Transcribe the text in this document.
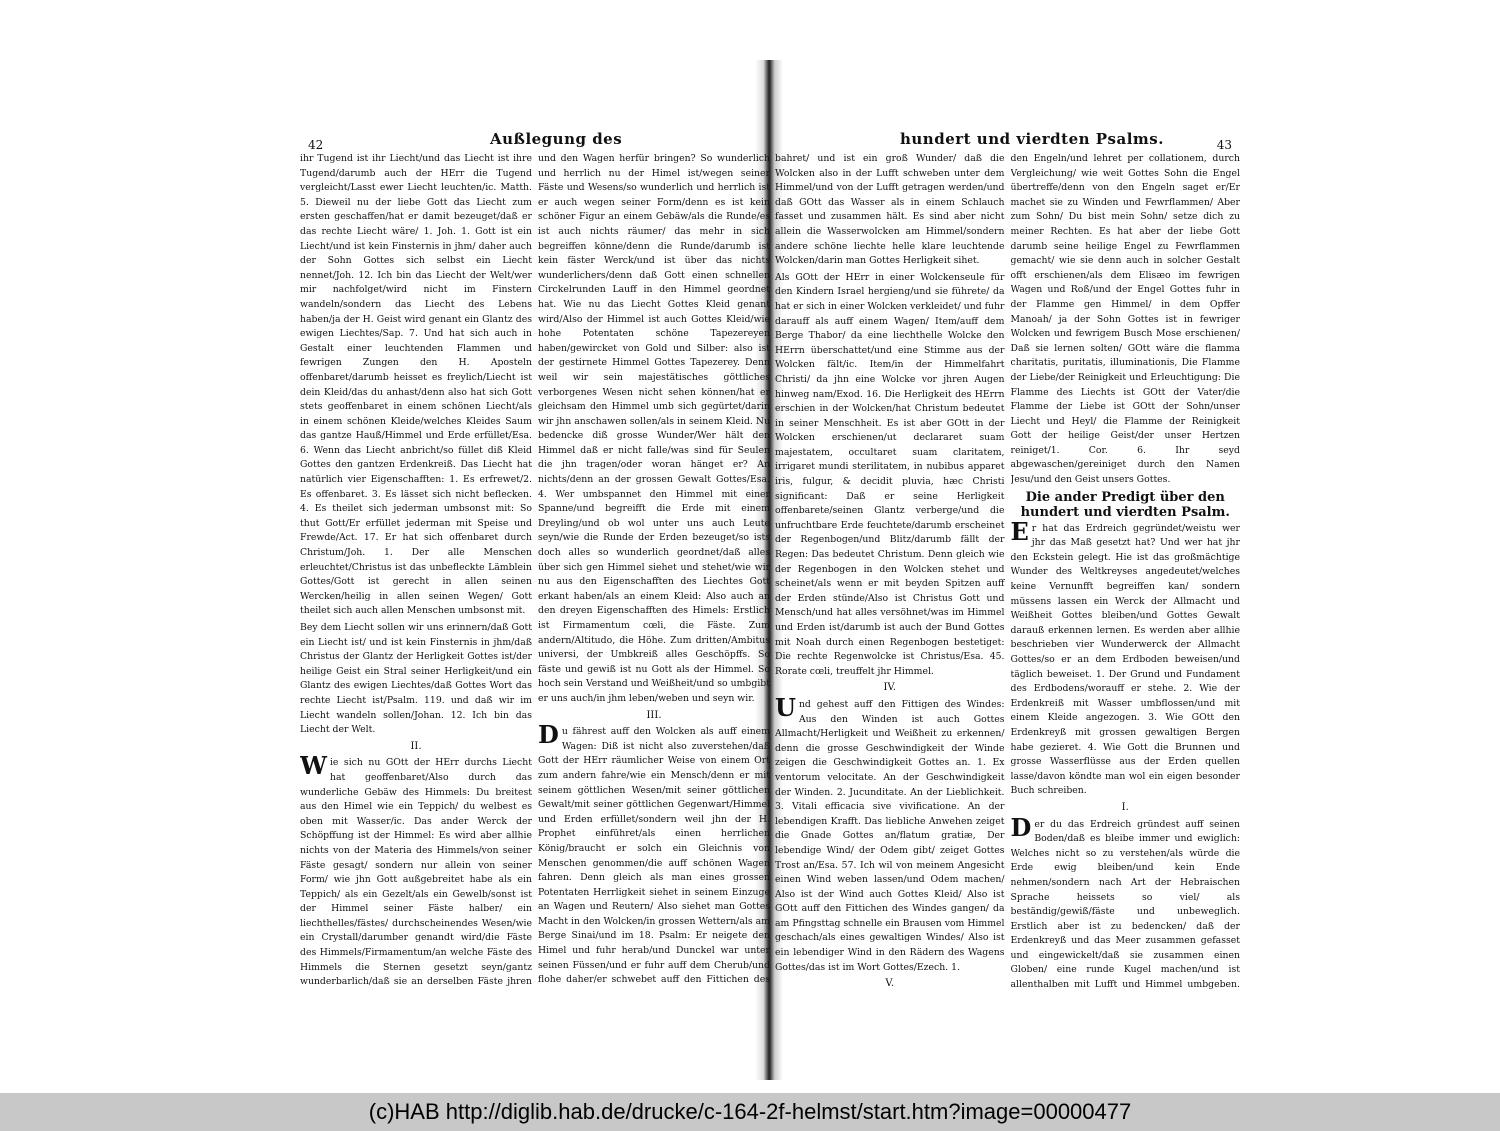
42	Außlegung des

ihr Tugend ist ihr Liecht/und das Liecht ist ihre Tugend/darumb auch der HErr die Tugend vergleicht/Lasst ewer Liecht leuchten/ic. Matth. 5. Dieweil nu der liebe Gott das Liecht zum ersten geschaffen/hat er damit bezeuget/daß er das rechte Liecht wäre/ 1. Joh. 1. Gott ist ein Liecht/und ist kein Finsternis in jhm/ daher auch der Sohn Gottes sich selbst ein Liecht nennet/Joh. 12. Ich bin das Liecht der Welt/wer mir nachfolget/wird nicht im Finstern wandeln/sondern das Liecht des Lebens haben/ja der H. Geist wird genant ein Glantz des ewigen Liechtes/Sap. 7. Und hat sich auch in Gestalt einer leuchtenden Flammen und fewrigen Zungen den H. Aposteln offenbaret/darumb heisset es freylich/Liecht ist dein Kleid/das du anhast/denn also hat sich Gott stets geoffenbaret in einem schönen Liecht/als in einem schönen Kleide/welches Kleides Saum das gantze Hauß/Himmel und Erde erfüllet/Esa. 6. Wenn das Liecht anbricht/so füllet diß Kleid Gottes den gantzen Erdenkreiß. Das Liecht hat natürlich vier Eigenschafften: 1. Es erfrewet/2. Es offenbaret. 3. Es lässet sich nicht beflecken. 4. Es theilet sich jederman umbsonst mit: So thut Gott/Er erfüllet jederman mit Speise und Frewde/Act. 17. Er hat sich offenbaret durch Christum/Joh. 1. Der alle Menschen erleuchtet/Christus ist das unbefleckte Lämblein Gottes/Gott ist gerecht in allen seinen Wercken/heilig in allen seinen Wegen/ Gott theilet sich auch allen Menschen umbsonst mit.

Bey dem Liecht sollen wir uns erinnern/daß Gott ein Liecht ist/ und ist kein Finsternis in jhm/daß Christus der Glantz der Herligkeit Gottes ist/der heilige Geist ein Stral seiner Herligkeit/und ein Glantz des ewigen Liechtes/daß Gottes Wort das rechte Liecht ist/Psalm. 119. und daß wir im Liecht wandeln sollen/Johan. 12. Ich bin das Liecht der Welt.

II.

Wie sich nu GOtt der HErr durchs Liecht hat geoffenbaret/Also durch das wunderliche Gebäw des Himmels: Du breitest aus den Himel wie ein Teppich/ du welbest es oben mit Wasser/ic. Das ander Werck der Schöpffung ist der Himmel: Es wird aber allhie nichts von der Materia des Himmels/von seiner Fäste gesagt/ sondern nur allein von seiner Form/ wie jhn Gott außgebreitet habe als ein Teppich/ als ein Gezelt/als ein Gewelb/sonst ist der Himmel seiner Fäste halber/ ein liechthelles/fästes/ durchscheinendes Wesen/wie ein Crystall/darumber genandt wird/die Fäste des Himmels/Firmamentum/an welche Fäste des Himmels die Sternen gesetzt seyn/gantz wunderbarlich/daß sie an derselben Fäste jhren

und den Wagen herfür bringen? So wunderlich und herrlich nu der Himel ist/wegen seiner Fäste und Wesens/so wunderlich und herrlich ist er auch wegen seiner Form/denn es ist kein schöner Figur an einem Gebäw/als die Runde/es ist auch nichts räumer/ das mehr in sich begreiffen könne/denn die Runde/darumb ist kein fäster Werck/und ist über das nichts wunderlichers/denn daß Gott einen schnellen Circkelrunden Lauff in den Himmel geordnet hat. Wie nu das Liecht Gottes Kleid genant wird/Also der Himmel ist auch Gottes Kleid/wie hohe Potentaten schöne Tapezereyen haben/gewircket von Gold und Silber: also ist der gestirnete Himmel Gottes Tapezerey. Denn weil wir sein majestätisches göttliches verborgenes Wesen nicht sehen können/hat er gleichsam den Himmel umb sich gegürtet/darin wir jhn anschawen sollen/als in seinem Kleid. Nu bedencke diß grosse Wunder/Wer hält den Himmel daß er nicht falle/was sind für Seulen die jhn tragen/oder woran hänget er? An nichts/denn an der grossen Gewalt Gottes/Esa. 4. Wer umbspannet den Himmel mit einer Spanne/und begreifft die Erde mit einem Dreyling/und ob wol unter uns auch Leute seyn/wie die Runde der Erden bezeuget/so ists doch alles so wunderlich geordnet/daß alles über sich gen Himmel siehet und stehet/wie wir nu aus den Eigenschafften des Liechtes Gott erkant haben/als an einem Kleid: Also auch an den dreyen Eigenschafften des Himels: Erstlich ist Firmamentum cœli, die Fäste. Zum andern/Altitudo, die Höhe. Zum dritten/Ambitus universi, der Umbkreiß alles Geschöpffs. So fäste und gewiß ist nu Gott als der Himmel. So hoch sein Verstand und Weißheit/und so umbgibt er uns auch/in jhm leben/weben und seyn wir.

III.

Du fährest auff den Wolcken als auff einem Wagen: Diß ist nicht also zuverstehen/daß Gott der HErr räumlicher Weise von einem Ort zum andern fahre/wie ein Mensch/denn er mit seinem göttlichen Wesen/mit seiner göttlichen Gewalt/mit seiner göttlichen Gegenwart/Himmel und Erden erfüllet/sondern weil jhn der H. Prophet einführet/als einen herrlichen König/braucht er solch ein Gleichnis von Menschen genommen/die auff schönen Wagen fahren. Denn gleich als man eines grossen Potentaten Herrligkeit siehet in seinem Einzuge an Wagen und Reutern/ Also siehet man Gottes Macht in den Wolcken/in grossen Wettern/als am Berge Sinai/und im 18. Psalm: Er neigete den Himel und fuhr herab/und Dunckel war unter seinen Füssen/und er fuhr auff dem Cherub/und flohe daher/er schwebet auff den Fittichen des

hundert und vierdten Psalms.	43

bahret/ und ist ein groß Wunder/ daß die Wolcken also in der Lufft schweben unter dem Himmel/und von der Lufft getragen werden/und daß GOtt das Wasser als in einem Schlauch fasset und zusammen hält. Es sind aber nicht allein die Wasserwolcken am Himmel/sondern andere schöne liechte helle klare leuchtende Wolcken/darin man Gottes Herligkeit sihet.

Als GOtt der HErr in einer Wolckenseule für den Kindern Israel hergieng/und sie führete/ da hat er sich in einer Wolcken verkleidet/ und fuhr darauff als auff einem Wagen/ Item/auff dem Berge Thabor/ da eine liechthelle Wolcke den HErrn überschattet/und eine Stimme aus der Wolcken fält/ic. Item/in der Himmelfahrt Christi/ da jhn eine Wolcke vor jhren Augen hinweg nam/Exod. 16. Die Herligkeit des HErrn erschien in der Wolcken/hat Christum bedeutet in seiner Menschheit. Es ist aber GOtt in der Wolcken erschienen/ut declararet suam majestatem, occultaret suam claritatem, irrigaret mundi sterilitatem, in nubibus apparet iris, fulgur, & decidit pluvia, hæc Christi significant: Daß er seine Herligkeit offenbarete/seinen Glantz verberge/und die unfruchtbare Erde feuchtete/darumb erscheinet der Regenbogen/und Blitz/darumb fällt der Regen: Das bedeutet Christum. Denn gleich wie der Regenbogen in den Wolcken stehet und scheinet/als wenn er mit beyden Spitzen auff der Erden stünde/Also ist Christus Gott und Mensch/und hat alles versöhnet/was im Himmel und Erden ist/darumb ist auch der Bund Gottes mit Noah durch einen Regenbogen bestetiget: Die rechte Regenwolcke ist Christus/Esa. 45. Rorate cœli, treuffelt jhr Himmel.

IV.

Und gehest auff den Fittigen des Windes: Aus den Winden ist auch Gottes Allmacht/Herligkeit und Weißheit zu erkennen/ denn die grosse Geschwindigkeit der Winde zeigen die Geschwindigkeit Gottes an. 1. Ex ventorum velocitate. An der Geschwindigkeit der Winden. 2. Jucunditate. An der Lieblichkeit. 3. Vitali efficacia sive vivificatione. An der lebendigen Krafft. Das liebliche Anwehen zeiget die Gnade Gottes an/flatum gratiæ, Der lebendige Wind/ der Odem gibt/ zeiget Gottes Trost an/Esa. 57. Ich wil von meinem Angesicht einen Wind weben lassen/und Odem machen/ Also ist der Wind auch Gottes Kleid/ Also ist GOtt auff den Fittichen des Windes gangen/ da am Pfingsttag schnelle ein Brausen vom Himmel geschach/als eines gewaltigen Windes/ Also ist ein lebendiger Wind in den Rädern des Wagens Gottes/das ist im Wort Gottes/Ezech. 1.

V.

den Engeln/und lehret per collationem, durch Vergleichung/ wie weit Gottes Sohn die Engel übertreffe/denn von den Engeln saget er/Er machet sie zu Winden und Fewrflammen/ Aber zum Sohn/ Du bist mein Sohn/ setze dich zu meiner Rechten. Es hat aber der liebe Gott darumb seine heilige Engel zu Fewrflammen gemacht/ wie sie denn auch in solcher Gestalt offt erschienen/als dem Elisæo im fewrigen Wagen und Roß/und der Engel Gottes fuhr in der Flamme gen Himmel/ in dem Opffer Manoah/ ja der Sohn Gottes ist in fewriger Wolcken und fewrigem Busch Mose erschienen/ Daß sie lernen solten/ GOtt wäre die flamma charitatis, puritatis, illuminationis, Die Flamme der Liebe/der Reinigkeit und Erleuchtigung: Die Flamme des Liechts ist GOtt der Vater/die Flamme der Liebe ist GOtt der Sohn/unser Liecht und Heyl/ die Flamme der Reinigkeit Gott der heilige Geist/der unser Hertzen reiniget/1. Cor. 6. Ihr seyd abgewaschen/gereiniget durch den Namen Jesu/und den Geist unsers Gottes.

Die ander Predigt über den hundert und vierdten Psalm.

Er hat das Erdreich gegründet/weistu wer jhr das Maß gesetzt hat? Und wer hat jhr den Eckstein gelegt. Hie ist das großmächtige Wunder des Weltkreyses angedeutet/welches keine Vernunfft begreiffen kan/ sondern müssens lassen ein Werck der Allmacht und Weißheit Gottes bleiben/und Gottes Gewalt darauß erkennen lernen. Es werden aber allhie beschrieben vier Wunderwerck der Allmacht Gottes/so er an dem Erdboden beweisen/und täglich beweiset. 1. Der Grund und Fundament des Erdbodens/worauff er stehe. 2. Wie der Erdenkreiß mit Wasser umbflossen/und mit einem Kleide angezogen. 3. Wie GOtt den Erdenkreyß mit grossen gewaltigen Bergen habe gezieret. 4. Wie Gott die Brunnen und grosse Wasserflüsse aus der Erden quellen lasse/davon köndte man wol ein eigen besonder Buch schreiben.

I.

Der du das Erdreich gründest auff seinen Boden/daß es bleibe immer und ewiglich: Welches nicht so zu verstehen/als würde die Erde ewig bleiben/und kein Ende nehmen/sondern nach Art der Hebraischen Sprache heissets so viel/ als beständig/gewiß/fäste und unbeweglich. Erstlich aber ist zu bedencken/ daß der Erdenkreyß und das Meer zusammen gefasset und eingewickelt/daß sie zusammen einen Globen/ eine runde Kugel machen/und ist allenthalben mit Lufft und Himmel umbgeben.

(c)HAB http://diglib.hab.de/drucke/c-164-2f-helmst/start.htm?image=00000477
